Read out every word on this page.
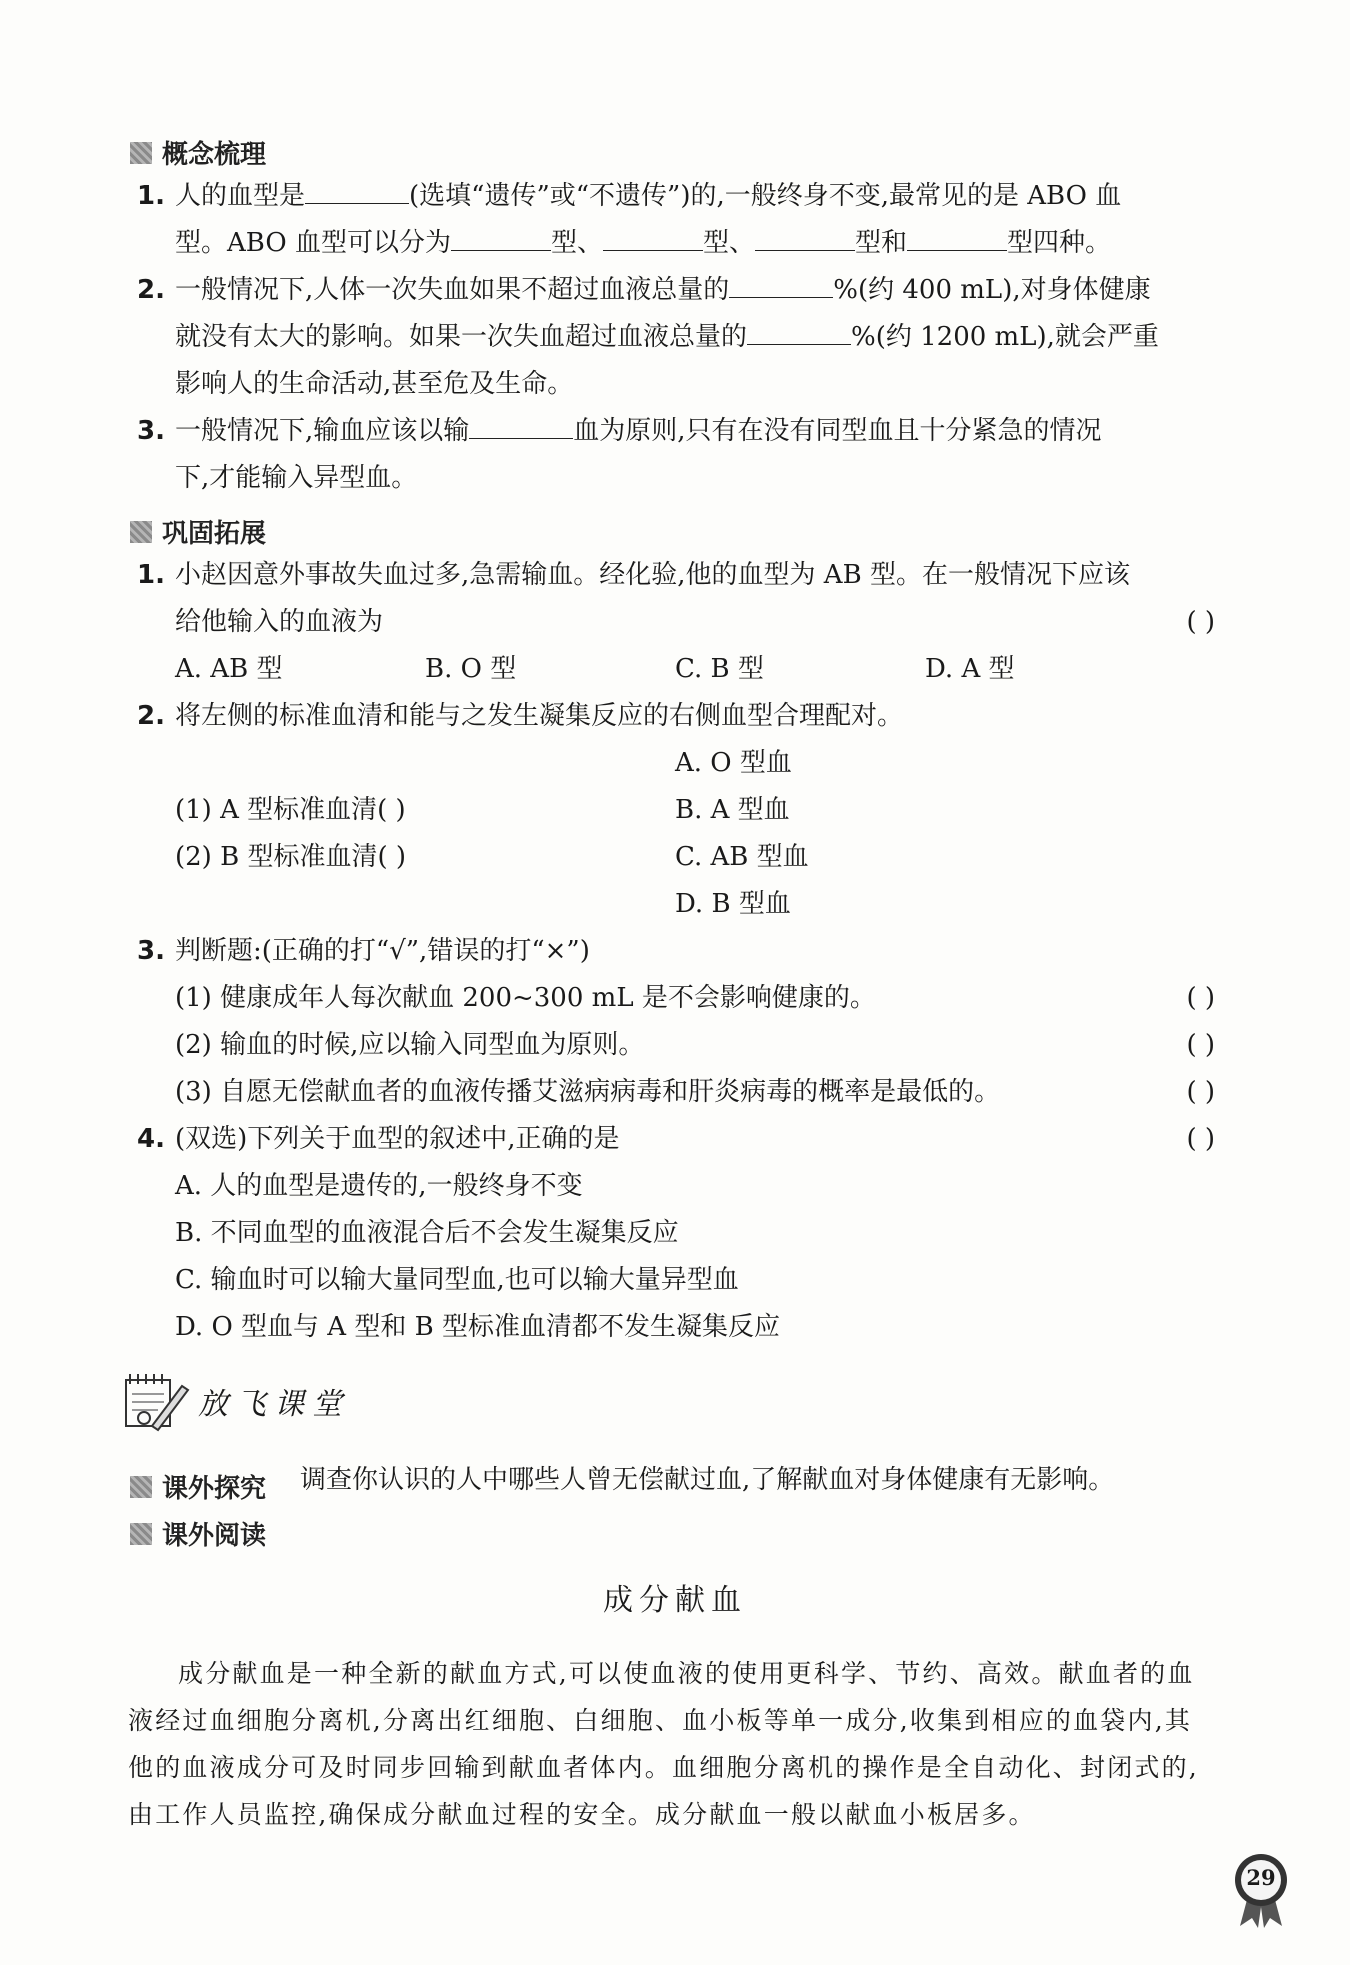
概念梳理
1. 人的血型是	(选填“遗传”或“不遗传”)的,一般终身不变,最常见的是 ABO 血
型。ABO 血型可以分为	型、	型、	型和	型四种。
2. 一般情况下,人体一次失血如果不超过血液总量的	%(约 400 mL),对身体健康
就没有太大的影响。如果一次失血超过血液总量的	%(约 1200 mL),就会严重
影响人的生命活动,甚至危及生命。
3. 一般情况下,输血应该以输	血为原则,只有在没有同型血且十分紧急的情况
下,才能输入异型血。
巩固拓展
1. 小赵因意外事故失血过多,急需输血。经化验,他的血型为 AB 型。在一般情况下应该
给他输入的血液为	( )
A. AB 型	B. O 型	C. B 型	D. A 型
2. 将左侧的标准血清和能与之发生凝集反应的右侧血型合理配对。
A. O 型血
(1) A 型标准血清( )	B. A 型血
(2) B 型标准血清( )	C. AB 型血
D. B 型血
3. 判断题:(正确的打“√”,错误的打“×”)
(1) 健康成年人每次献血 200~300 mL 是不会影响健康的。	( )
(2) 输血的时候,应以输入同型血为原则。	( )
(3) 自愿无偿献血者的血液传播艾滋病病毒和肝炎病毒的概率是最低的。	( )
4. (双选)下列关于血型的叙述中,正确的是	( )
A. 人的血型是遗传的,一般终身不变
B. 不同血型的血液混合后不会发生凝集反应
C. 输血时可以输大量同型血,也可以输大量异型血
D. O 型血与 A 型和 B 型标准血清都不发生凝集反应
放飞课堂
课外探究 调查你认识的人中哪些人曾无偿献过血,了解献血对身体健康有无影响。
课外阅读
成分献血
成分献血是一种全新的献血方式,可以使血液的使用更科学、节约、高效。献血者的血
液经过血细胞分离机,分离出红细胞、白细胞、血小板等单一成分,收集到相应的血袋内,其
他的血液成分可及时同步回输到献血者体内。血细胞分离机的操作是全自动化、封闭式的,
由工作人员监控,确保成分献血过程的安全。成分献血一般以献血小板居多。
29
